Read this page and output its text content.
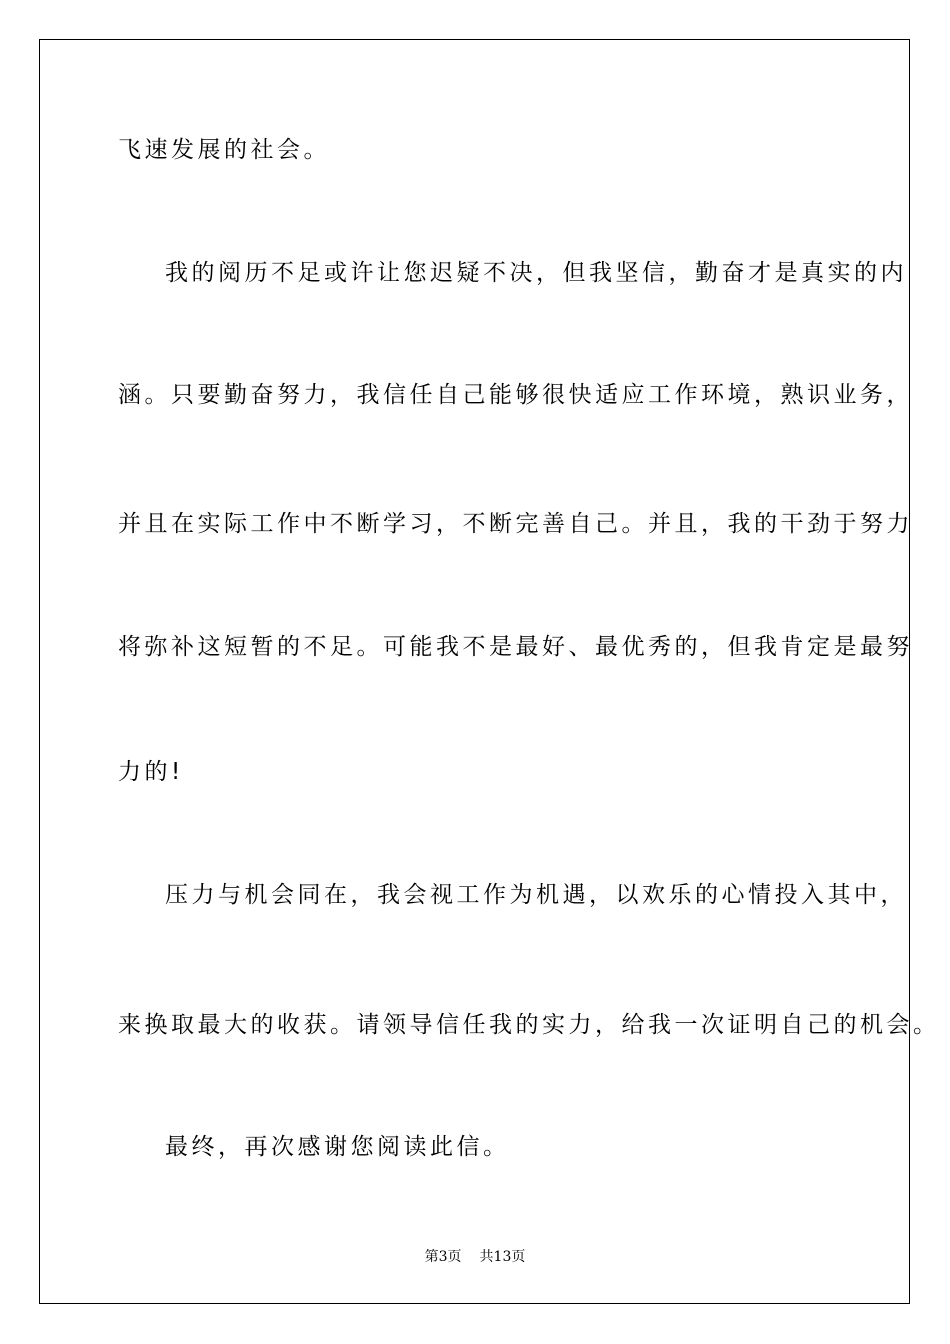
飞速发展的社会。

我的阅历不足或许让您迟疑不决，但我坚信，勤奋才是真实的内

涵。只要勤奋努力，我信任自己能够很快适应工作环境，熟识业务，

并且在实际工作中不断学习，不断完善自己。并且，我的干劲于努力

将弥补这短暂的不足。可能我不是最好、最优秀的，但我肯定是最努

力的!

压力与机会同在，我会视工作为机遇，以欢乐的心情投入其中，

来换取最大的收获。请领导信任我的实力，给我一次证明自己的机会。

最终，再次感谢您阅读此信。

第3页 共13页
